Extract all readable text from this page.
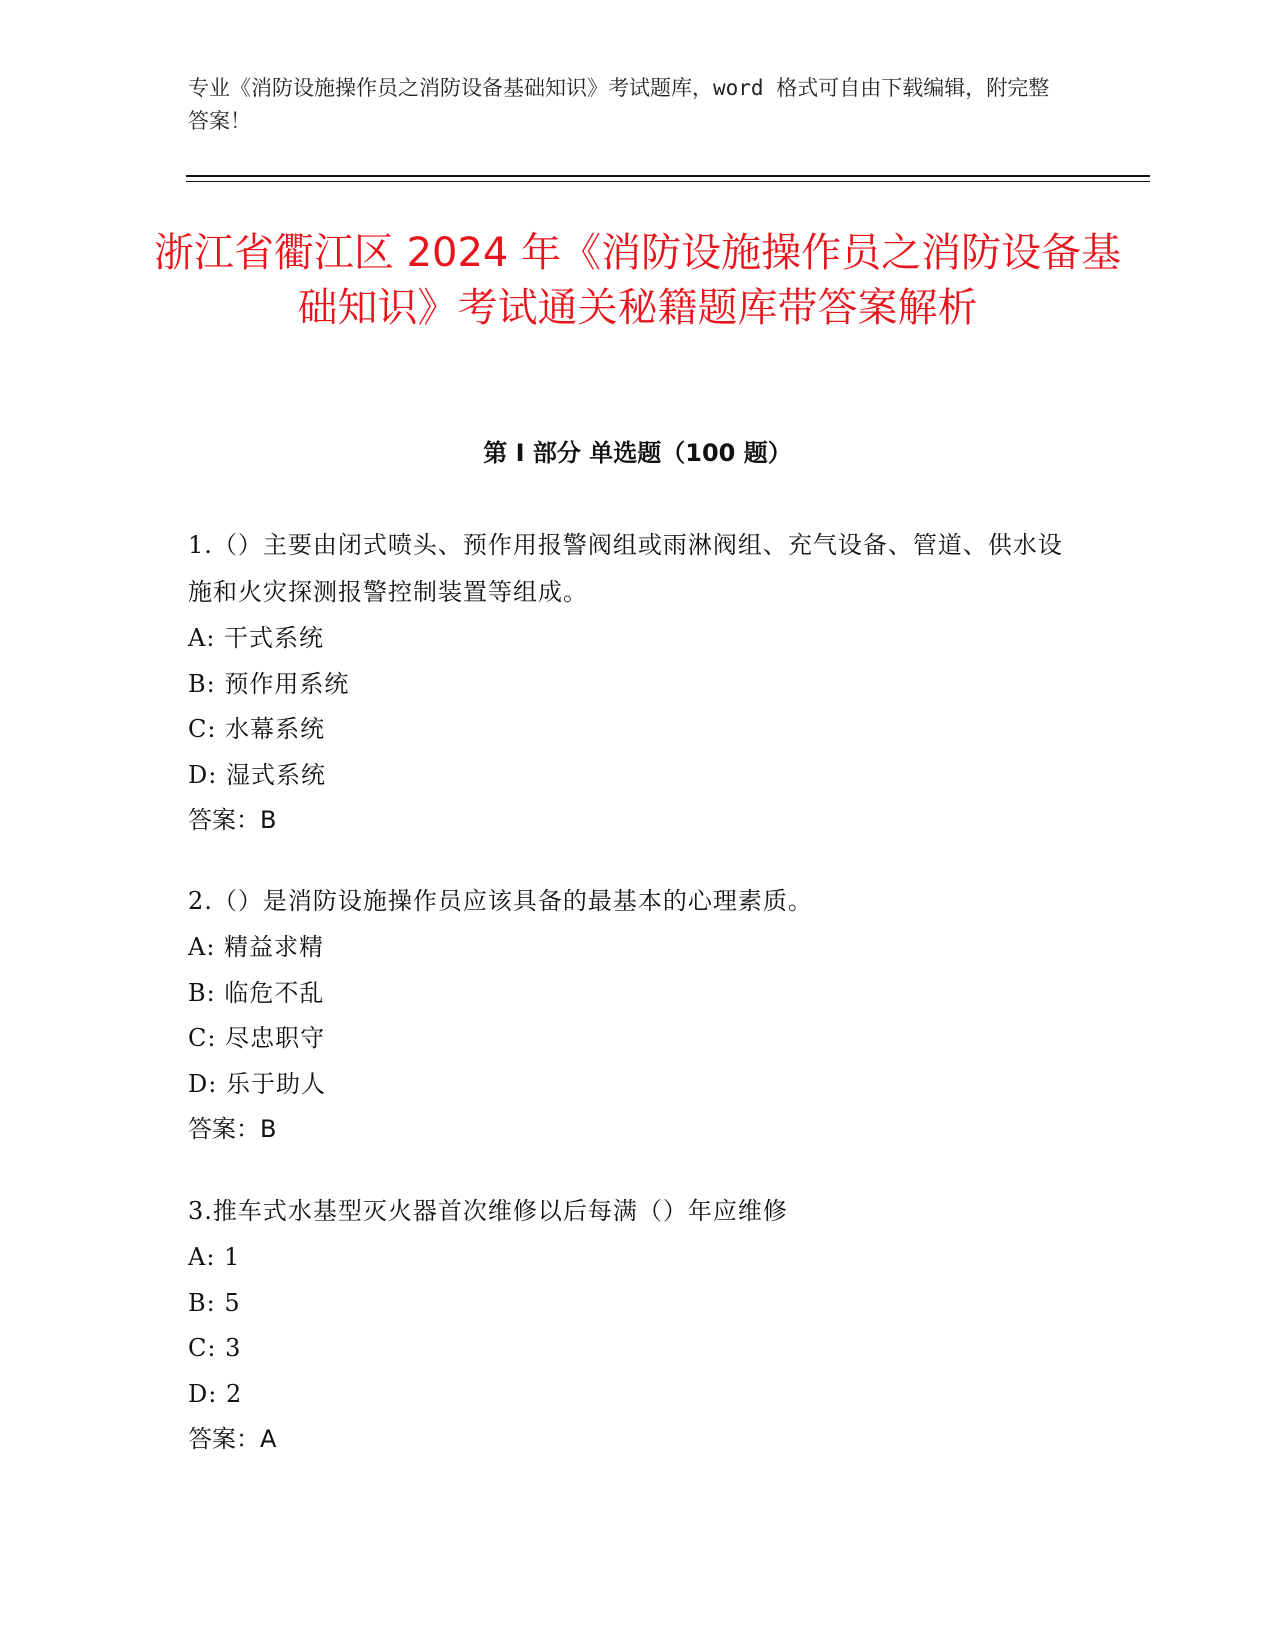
专业《消防设施操作员之消防设备基础知识》考试题库，word 格式可自由下载编辑，附完整答案！
浙江省衢江区 2024 年《消防设施操作员之消防设备基础知识》考试通关秘籍题库带答案解析
第 I 部分 单选题（100 题）

1.（）主要由闭式喷头、预作用报警阀组或雨淋阀组、充气设备、管道、供水设施和火灾探测报警控制装置等组成。

A: 干式系统

B: 预作用系统

C: 水幕系统

D: 湿式系统

答案：B

2.（）是消防设施操作员应该具备的最基本的心理素质。

A: 精益求精

B: 临危不乱

C: 尽忠职守

D: 乐于助人

答案：B

3.推车式水基型灭火器首次维修以后每满（）年应维修

A: 1

B: 5

C: 3

D: 2

答案：A
